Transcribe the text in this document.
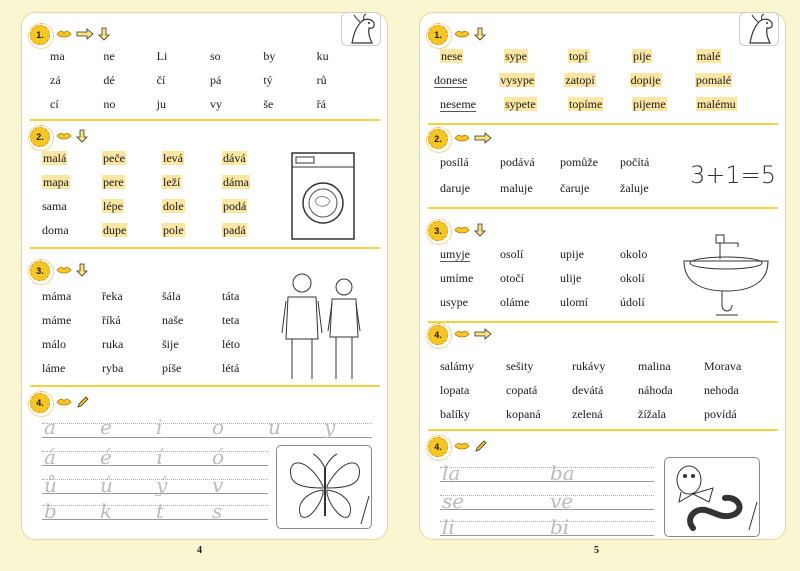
1.
ma	ne	Li	so	by	ku
zá	dé	čí	pá	tý	rů
cí	no	ju	vy	še	řá
2.
malá	peče	levá	dává
mapa	pere	leží	dáma
sama	lépe	dole	podá
doma	dupe	pole	padá
3.
máma	řeka	šála	táta
máme	říká	naše	teta
málo	ruka	šije	léto
láme	ryba	píše	létá
4.
a e i o u y
á é í ó
ů ú ý v
b k t s
4
1.
nese	sype	topí	pije	malé
donese	vysype	zatopí	dopije	pomalé
neseme	sypete	topíme	pijeme	malému
2.
posílá	podává	pomůže	počítá
daruje	maluje	čaruje	žaluje	3+1=5
3.
umyje	osolí	upije	okolo
umíme	otočí	ulije	okolí
usype	oláme	ulomí	údolí
4.
salámy	sešity	rukávy	malina	Morava
lopata	copatá	devátá	náhoda	nehoda
balíky	kopaná	zelená	žížala	povídá
4.
la	ba
se	ve
li	bi
5
